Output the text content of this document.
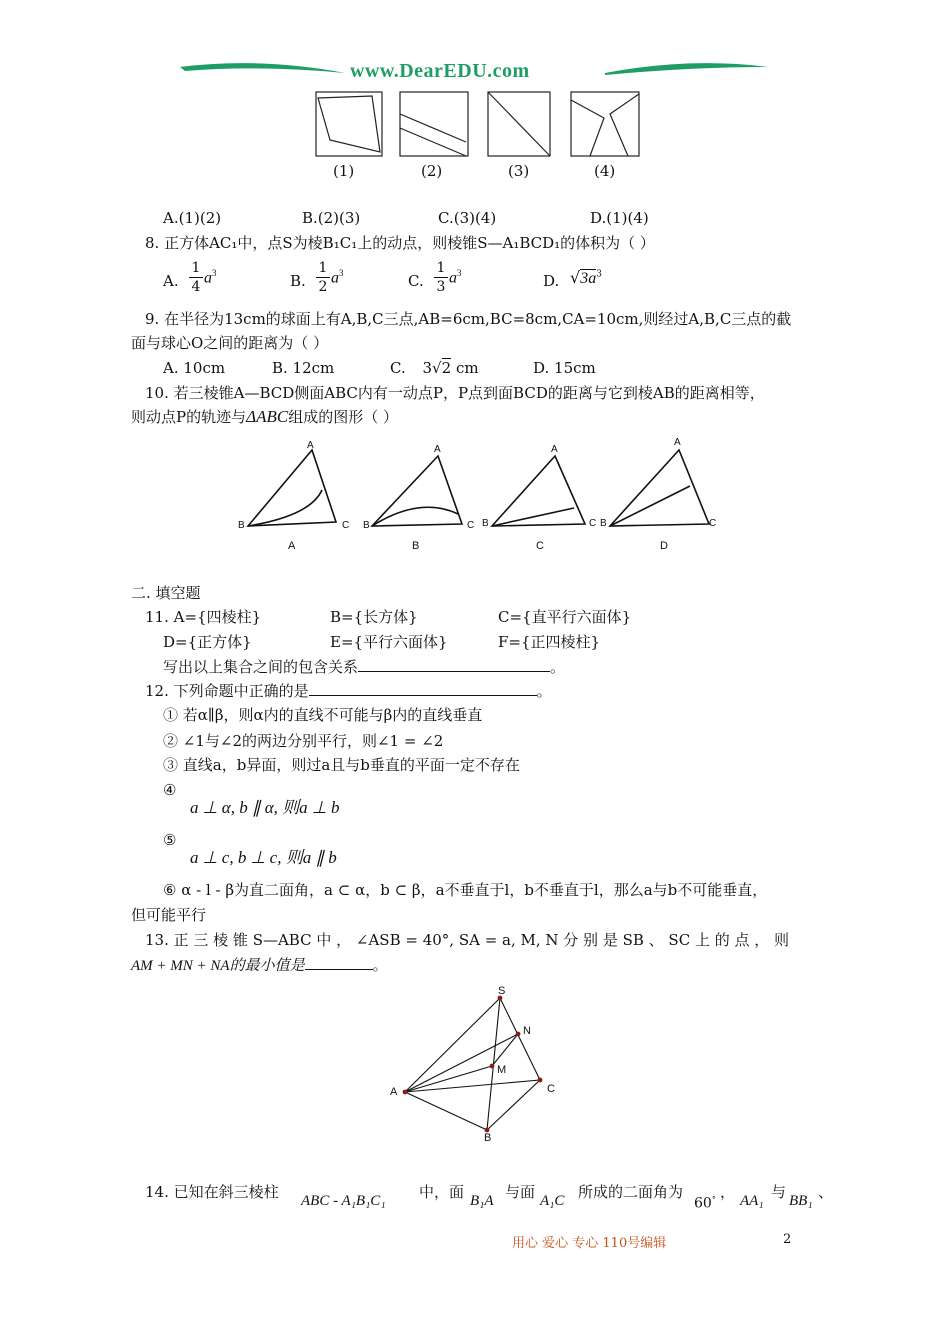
www.DearEDU.com
(1)	(2)	(3)	(4)
A.(1)(2)	B.(2)(3)	C.(3)(4)	D.(1)(4)
8. 正方体AC₁中，点S为棱B₁C₁上的动点，则棱锥S—A₁BCD₁的体积为（ ）
A. $\frac{1}{4} a^3$	B. $\frac{1}{2} a^3$	C. $\frac{1}{3} a^3$	D. $√3a^3$
9. 在半径为13cm的球面上有A,B,C三点,AB=6cm,BC=8cm,CA=10cm,则经过A,B,C三点的截
面与球心O之间的距离为（ ）
A. 10cm	B. 12cm	C. 3√2 cm	D. 15cm
10. 若三棱锥A—BCD侧面ABC内有一动点P，P点到面BCD的距离与它到棱AB的距离相等，
则动点P的轨迹与ΔABC组成的图形（ ）
A
B	C
A
B	C
A
B	C
A
B	C
A	B	C	D
二. 填空题
11. A={四棱柱}	B={长方体}	C={直平行六面体}
D={正方体}	E={平行六面体}	F={正四棱柱}
写出以上集合之间的包含关系	。
12. 下列命题中正确的是	。
① 若α∥β，则α内的直线不可能与β内的直线垂直
② ∠1与∠2的两边分别平行，则∠1 = ∠2
③ 直线a，b异面，则过a且与b垂直的平面一定不存在
④
a ⊥ α, b ∥ α, 则a ⊥ b
⑤
a ⊥ c, b ⊥ c, 则a ∥ b
⑥ α - l - β为直二面角，a ⊂ α，b ⊂ β，a不垂直于l，b不垂直于l，那么a与b不可能垂直，
但可能平行
13. 正 三 棱 锥 S—ABC 中 ， ∠ASB = 40°, SA = a, M, N 分 别 是 SB 、 SC 上 的 点 ， 则
AM + MN + NA的最小值是	。
S
N
M
A	C
B
14. 已知在斜三棱柱 ABC - A₁B₁C₁ 中，面 B₁A 与面 A₁C 所成的二面角为
60° ， AA₁ 与 BB₁ 、
用心 爱心 专心 110号编辑	2
